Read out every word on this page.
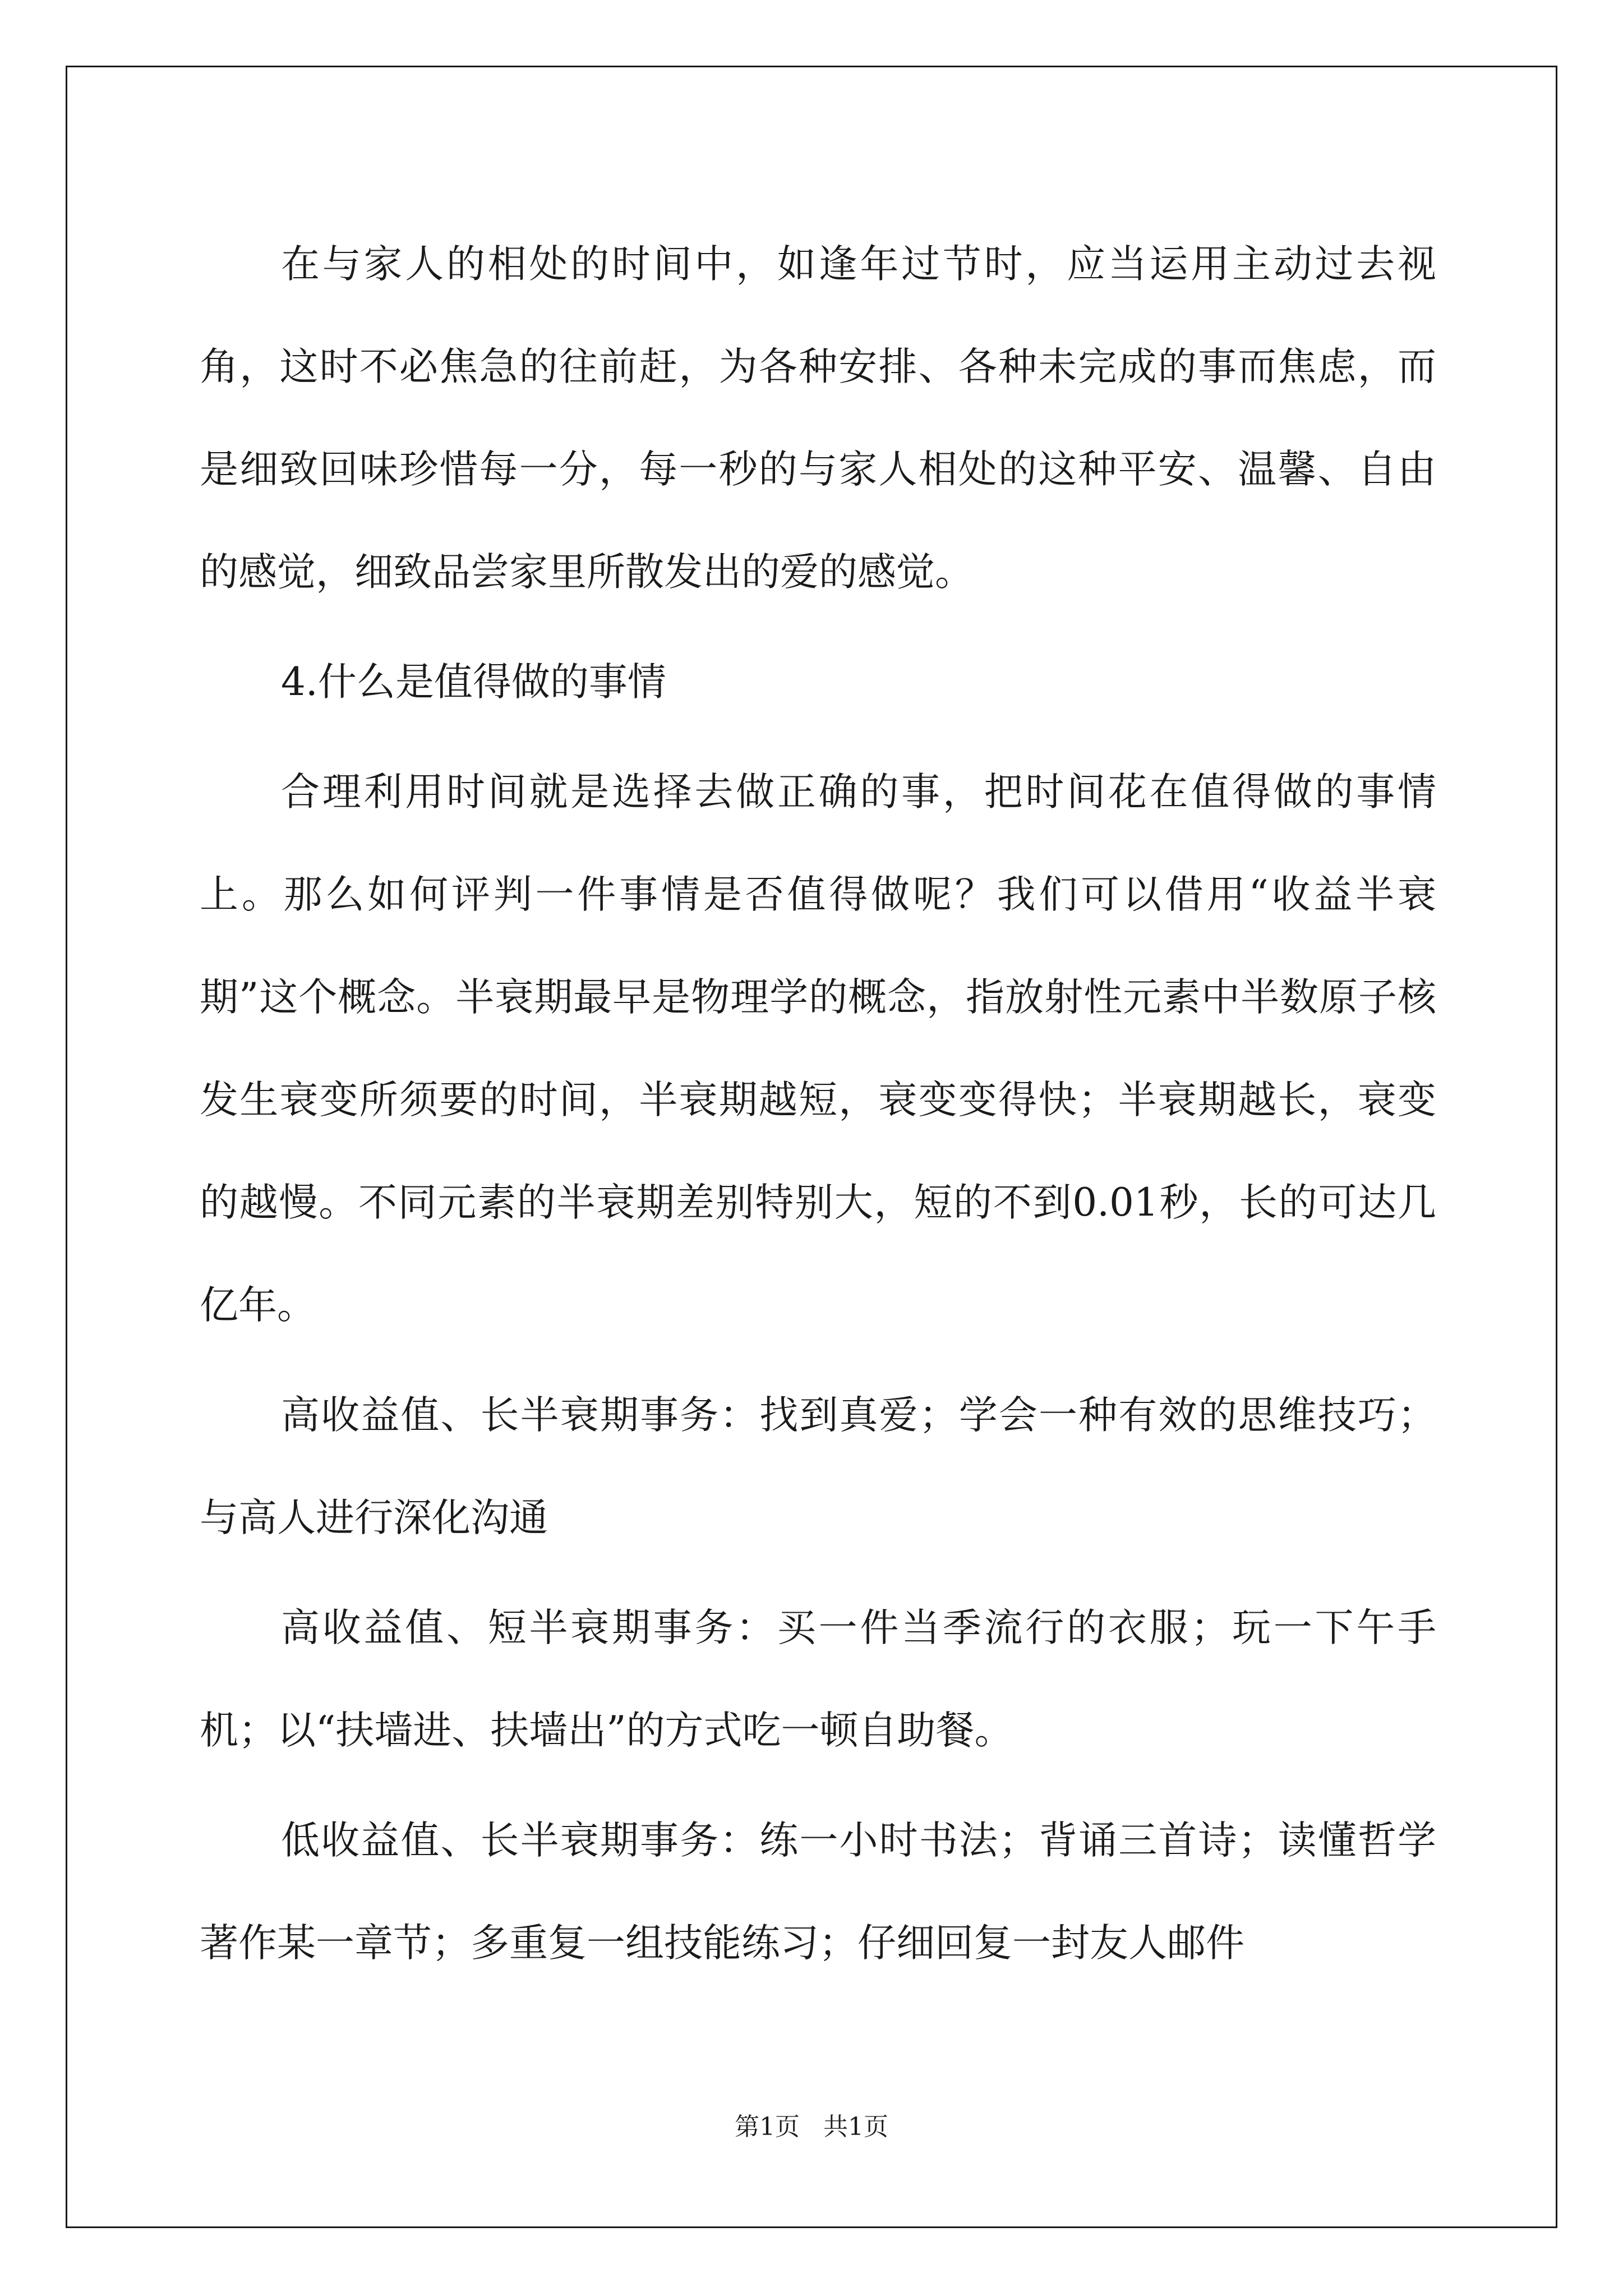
在与家人的相处的时间中，如逢年过节时，应当运用主动过去视角，这时不必焦急的往前赶，为各种安排、各种未完成的事而焦虑，而是细致回味珍惜每一分，每一秒的与家人相处的这种平安、温馨、自由的感觉，细致品尝家里所散发出的爱的感觉。

4.什么是值得做的事情

合理利用时间就是选择去做正确的事，把时间花在值得做的事情上。那么如何评判一件事情是否值得做呢？我们可以借用“收益半衰期”这个概念。半衰期最早是物理学的概念，指放射性元素中半数原子核发生衰变所须要的时间，半衰期越短，衰变变得快；半衰期越长，衰变的越慢。不同元素的半衰期差别特别大，短的不到0.01秒，长的可达几亿年。

高收益值、长半衰期事务：找到真爱；学会一种有效的思维技巧；与高人进行深化沟通

高收益值、短半衰期事务：买一件当季流行的衣服；玩一下午手机；以“扶墙进、扶墙出”的方式吃一顿自助餐。

低收益值、长半衰期事务：练一小时书法；背诵三首诗；读懂哲学著作某一章节；多重复一组技能练习；仔细回复一封友人邮件

第1页 共1页
